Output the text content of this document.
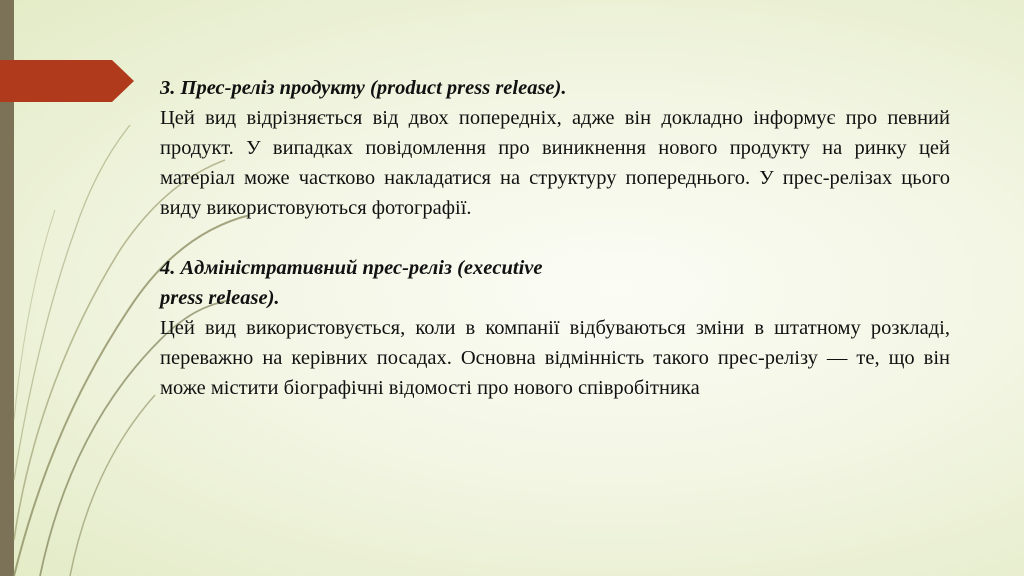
3. Прес-реліз продукту (product press release).
Цей вид відрізняється від двох попередніх, адже він докладно інформує про певний продукт. У випадках повідомлення про виникнення нового продукту на ринку цей матеріал може частково накладатися на структуру попереднього. У прес-релізах цього виду використовуються фотографії.
4. Адміністративний прес-реліз (executive
press release).
Цей вид використовується, коли в компанії відбуваються зміни в штатному розкладі, переважно на керівних посадах. Основна відмінність такого прес-релізу — те, що він може містити біографічні відомості про нового співробітника
